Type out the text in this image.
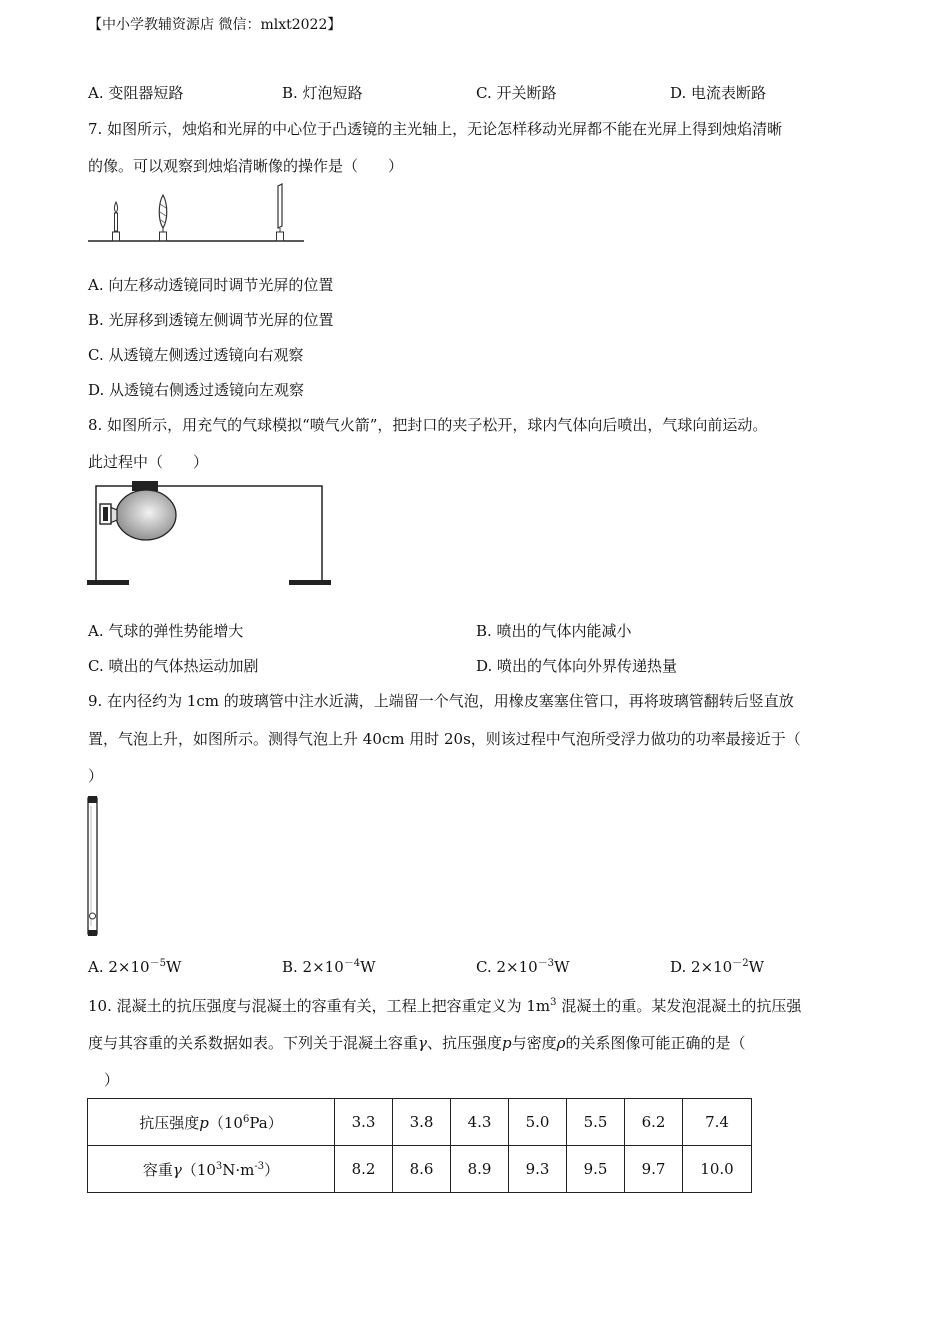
【中小学教辅资源店 微信：mlxt2022】
A. 变阻器短路	B. 灯泡短路	C. 开关断路	D. 电流表断路
7. 如图所示，烛焰和光屏的中心位于凸透镜的主光轴上，无论怎样移动光屏都不能在光屏上得到烛焰清晰
的像。可以观察到烛焰清晰像的操作是（　　）
A. 向左移动透镜同时调节光屏的位置
B. 光屏移到透镜左侧调节光屏的位置
C. 从透镜左侧透过透镜向右观察
D. 从透镜右侧透过透镜向左观察
8. 如图所示，用充气的气球模拟“喷气火箭”，把封口的夹子松开，球内气体向后喷出，气球向前运动。
此过程中（　　）
A. 气球的弹性势能增大	B. 喷出的气体内能减小
C. 喷出的气体热运动加剧	D. 喷出的气体向外界传递热量
9. 在内径约为 1cm 的玻璃管中注水近满，上端留一个气泡，用橡皮塞塞住管口，再将玻璃管翻转后竖直放
置，气泡上升，如图所示。测得气泡上升 40cm 用时 20s，则该过程中气泡所受浮力做功的功率最接近于（
）
A. $2\times 10^{-5}W$	B. $2\times 10^{-4}W$	C. $2\times 10^{-3}W$	D. $2\times 10^{-2}W$
10. 混凝土的抗压强度与混凝土的容重有关，工程上把容重定义为 $1m^3$ 混凝土的重。某发泡混凝土的抗压强
度与其容重的关系数据如表。下列关于混凝土容重γ、抗压强度p与密度ρ的关系图像可能正确的是（
）
抗压强度$p(10^6Pa)$	3.3	3.8	4.3	5.0	5.5	6.2	7.4
容重$\gamma(10^3N\cdot m^{-3})$	8.2	8.6	8.9	9.3	9.5	9.7	10.0
